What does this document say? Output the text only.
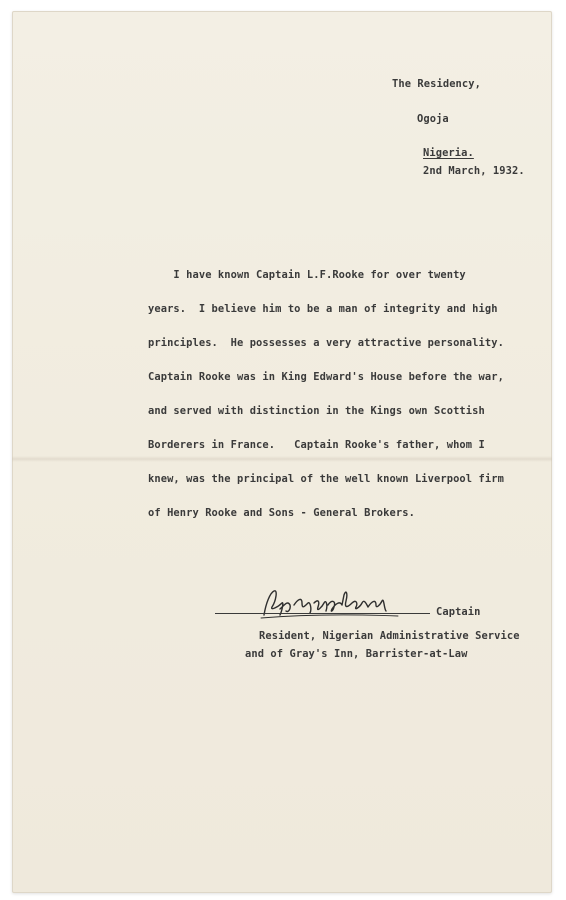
The Residency,

Ogoja

Nigeria.

2nd March, 1932.

I have known Captain L.F.Rooke for over twenty

years.  I believe him to be a man of integrity and high

principles.  He possesses a very attractive personality.

Captain Rooke was in King Edward's House before the war,

and served with distinction in the Kings own Scottish

Borderers in France.   Captain Rooke's father, whom I

knew, was the principal of the well known Liverpool firm

of Henry Rooke and Sons - General Brokers.

Captain

Resident, Nigerian Administrative Service

and of Gray's Inn, Barrister-at-Law
